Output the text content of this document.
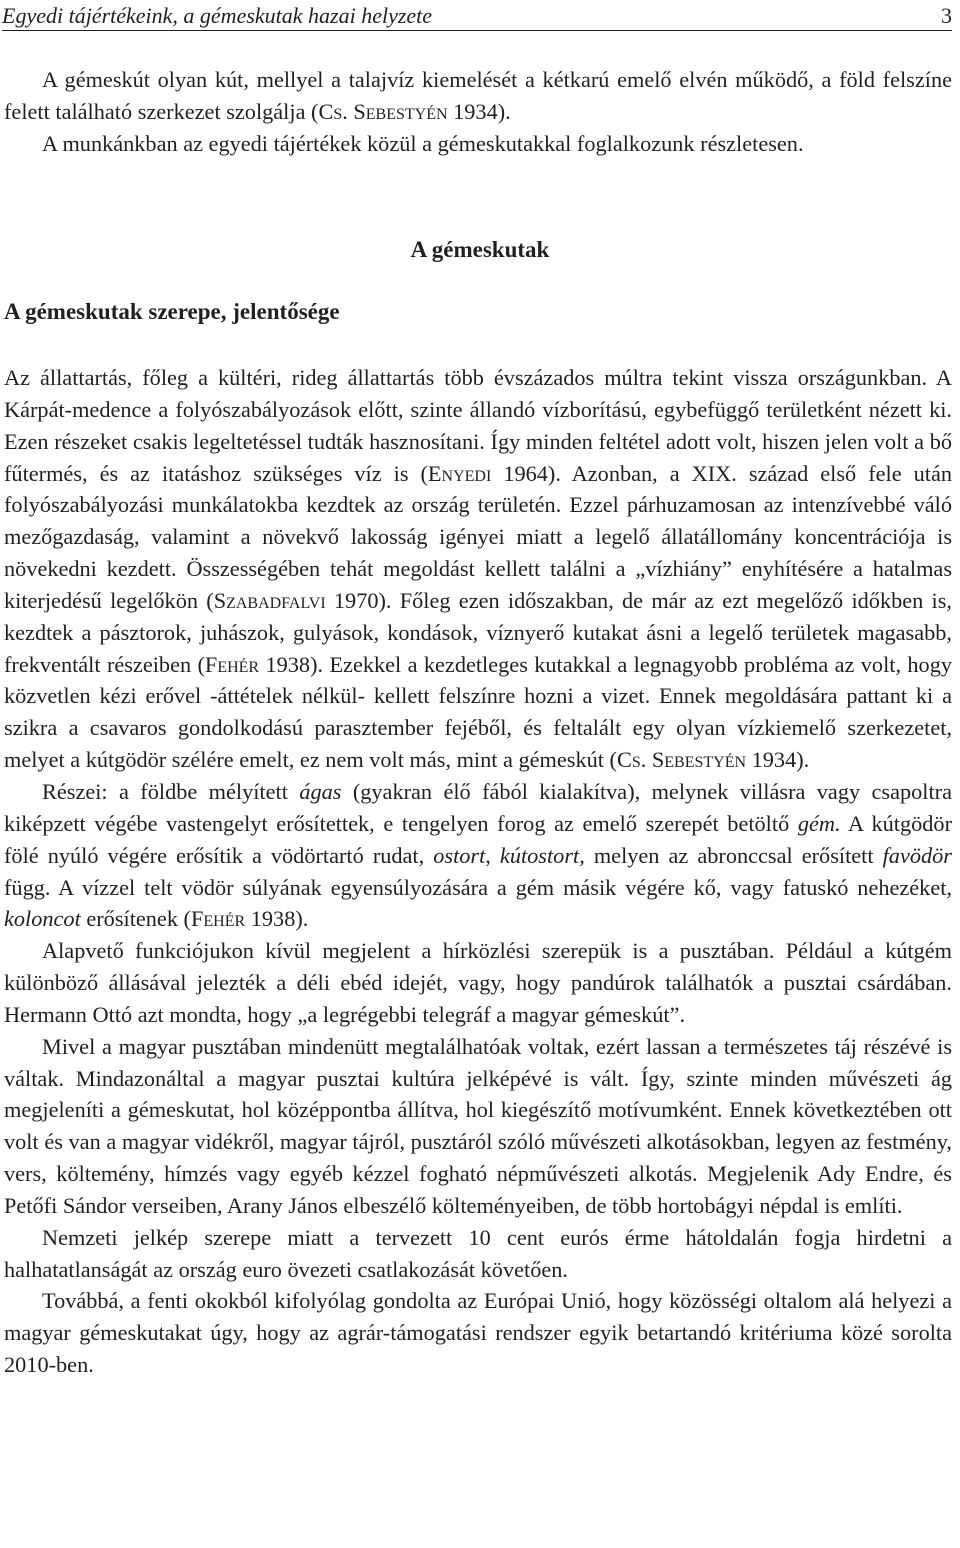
Egyedi tájértékeink, a gémeskutak hazai helyzete	3

A gémeskút olyan kút, mellyel a talajvíz kiemelését a kétkarú emelő elvén működő, a föld felszíne felett található szerkezet szolgálja (Cs. Sebestyén 1934).

A munkánkban az egyedi tájértékek közül a gémeskutakkal foglalkozunk részletesen.

A gémeskutak
A gémeskutak szerepe, jelentősége

Az állattartás, főleg a kültéri, rideg állattartás több évszázados múltra tekint vissza országunkban. A Kárpát-medence a folyószabályozások előtt, szinte állandó vízborítású, egybefüggő területként nézett ki. Ezen részeket csakis legeltetéssel tudták hasznosítani. Így minden feltétel adott volt, hiszen jelen volt a bő fűtermés, és az itatáshoz szükséges víz is (Enyedi 1964). Azonban, a XIX. század első fele után folyószabályozási munkálatokba kezdtek az ország területén. Ezzel párhuzamosan az intenzívebbé váló mezőgazdaság, valamint a növekvő lakosság igényei miatt a legelő állatállomány koncentrációja is növekedni kezdett. Összességében tehát megoldást kellett találni a „vízhiány” enyhítésére a hatalmas kiterjedésű legelőkön (Szabadfalvi 1970). Főleg ezen időszakban, de már az ezt megelőző időkben is, kezdtek a pásztorok, juhászok, gulyások, kondások, víznyerő kutakat ásni a legelő területek magasabb, frekventált részeiben (Fehér 1938). Ezekkel a kezdetleges kutakkal a legnagyobb probléma az volt, hogy közvetlen kézi erővel -áttételek nélkül- kellett felszínre hozni a vizet. Ennek megoldására pattant ki a szikra a csavaros gondolkodású parasztember fejéből, és feltalált egy olyan vízkiemelő szerkezetet, melyet a kútgödör szélére emelt, ez nem volt más, mint a gémeskút (Cs. Sebestyén 1934).

Részei: a földbe mélyített ágas (gyakran élő fából kialakítva), melynek villásra vagy csapoltra kiképzett végébe vastengelyt erősítettek, e tengelyen forog az emelő szerepét betöltő gém. A kútgödör fölé nyúló végére erősítik a vödörtartó rudat, ostort, kútostort, melyen az abronccsal erősített favödör függ. A vízzel telt vödör súlyának egyensúlyozására a gém másik végére kő, vagy fatuskó nehezéket, koloncot erősítenek (Fehér 1938).

Alapvető funkciójukon kívül megjelent a hírközlési szerepük is a pusztában. Például a kútgém különböző állásával jelezték a déli ebéd idejét, vagy, hogy pandúrok találhatók a pusztai csárdában. Hermann Ottó azt mondta, hogy „a legrégebbi telegráf a magyar gémeskút”.

Mivel a magyar pusztában mindenütt megtalálhatóak voltak, ezért lassan a természetes táj részévé is váltak. Mindazonáltal a magyar pusztai kultúra jelképévé is vált. Így, szinte minden művészeti ág megjeleníti a gémeskutat, hol középpontba állítva, hol kiegészítő motívumként. Ennek következtében ott volt és van a magyar vidékről, magyar tájról, pusztáról szóló művészeti alkotásokban, legyen az festmény, vers, költemény, hímzés vagy egyéb kézzel fogható népművészeti alkotás. Megjelenik Ady Endre, és Petőfi Sándor verseiben, Arany János elbeszélő költeményeiben, de több hortobágyi népdal is említi.

Nemzeti jelkép szerepe miatt a tervezett 10 cent eurós érme hátoldalán fogja hirdetni a halhatatlanságát az ország euro övezeti csatlakozását követően.

Továbbá, a fenti okokból kifolyólag gondolta az Európai Unió, hogy közösségi oltalom alá helyezi a magyar gémeskutakat úgy, hogy az agrár-támogatási rendszer egyik betartandó kritériuma közé sorolta 2010-ben.
